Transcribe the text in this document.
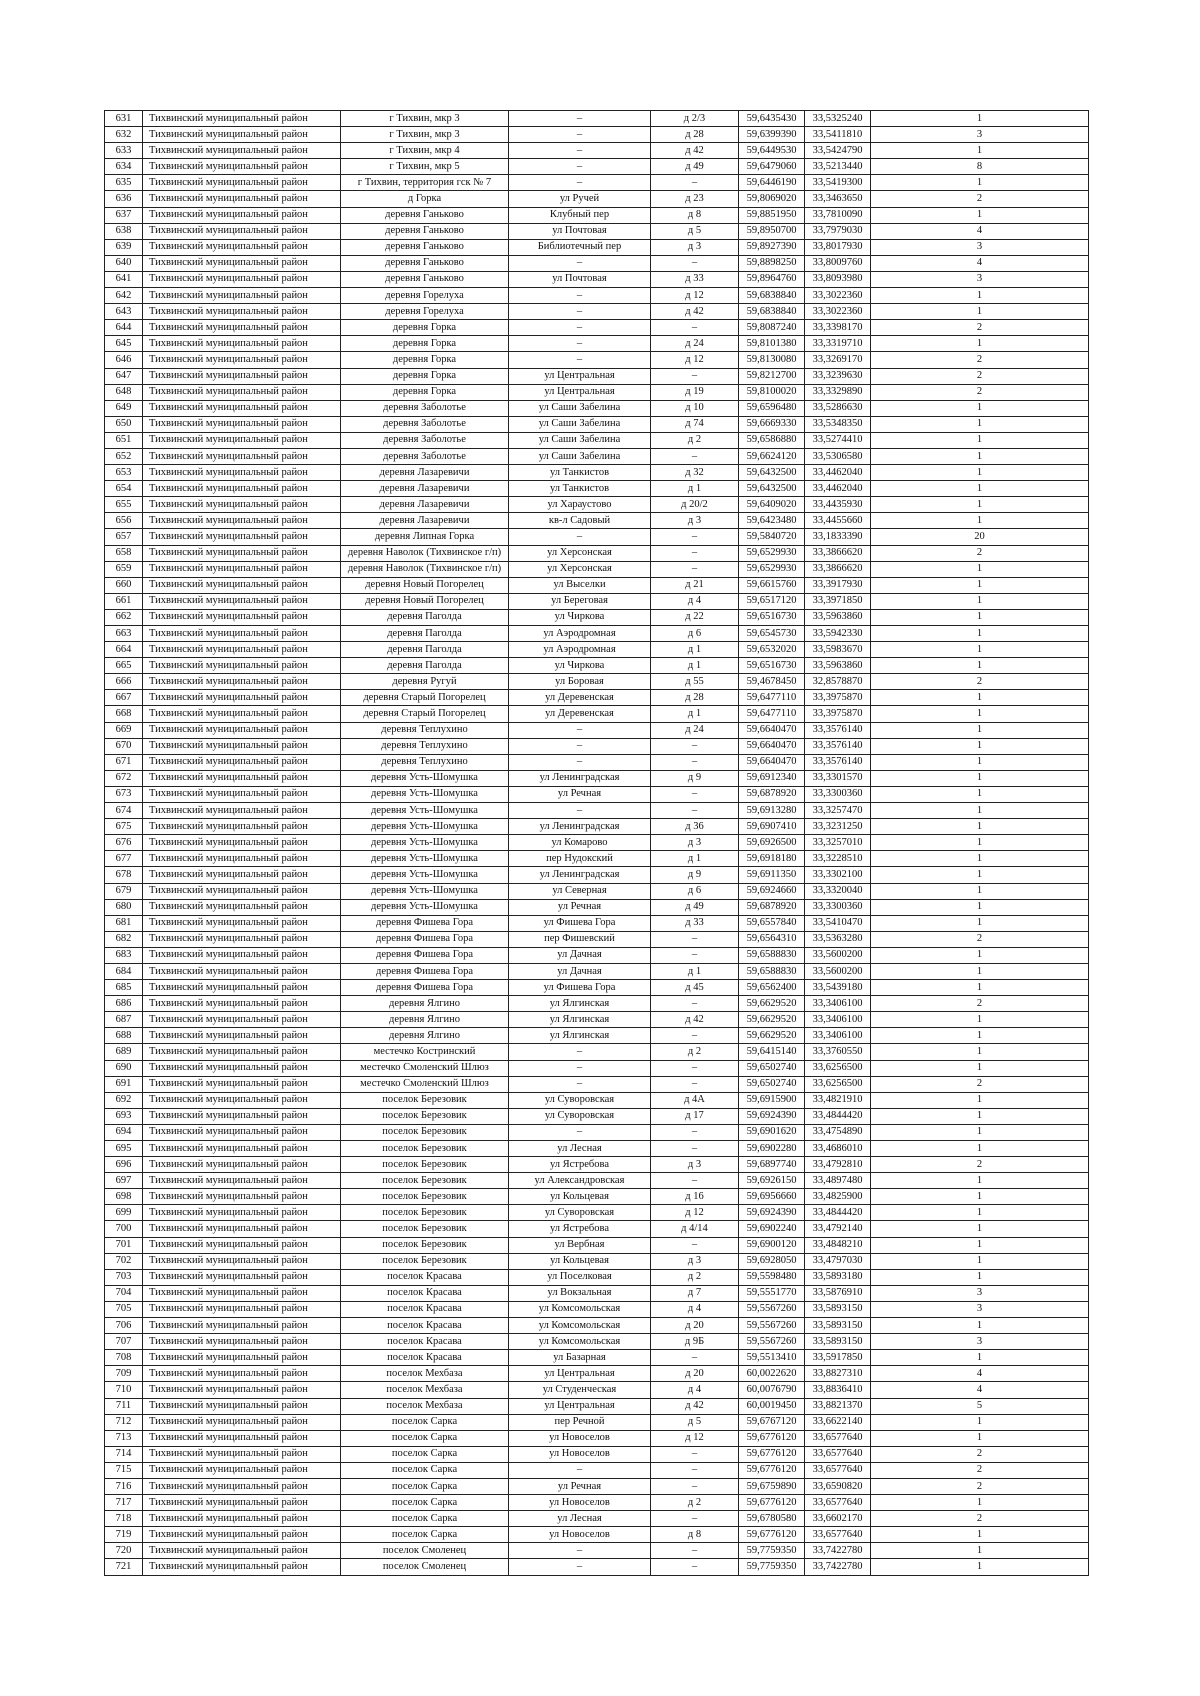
631	Тихвинский муниципальный район	г Тихвин, мкр 3	–	д 2/3	59,6435430	33,5325240	1
632	Тихвинский муниципальный район	г Тихвин, мкр 3	–	д 28	59,6399390	33,5411810	3
633	Тихвинский муниципальный район	г Тихвин, мкр 4	–	д 42	59,6449530	33,5424790	1
634	Тихвинский муниципальный район	г Тихвин, мкр 5	–	д 49	59,6479060	33,5213440	8
635	Тихвинский муниципальный район	г Тихвин, территория гск № 7	–	–	59,6446190	33,5419300	1
636	Тихвинский муниципальный район	д Горка	ул Ручей	д 23	59,8069020	33,3463650	2
637	Тихвинский муниципальный район	деревня Ганьково	Клубный пер	д 8	59,8851950	33,7810090	1
638	Тихвинский муниципальный район	деревня Ганьково	ул Почтовая	д 5	59,8950700	33,7979030	4
639	Тихвинский муниципальный район	деревня Ганьково	Библиотечный пер	д 3	59,8927390	33,8017930	3
640	Тихвинский муниципальный район	деревня Ганьково	–	–	59,8898250	33,8009760	4
641	Тихвинский муниципальный район	деревня Ганьково	ул Почтовая	д 33	59,8964760	33,8093980	3
642	Тихвинский муниципальный район	деревня Горелуха	–	д 12	59,6838840	33,3022360	1
643	Тихвинский муниципальный район	деревня Горелуха	–	д 42	59,6838840	33,3022360	1
644	Тихвинский муниципальный район	деревня Горка	–	–	59,8087240	33,3398170	2
645	Тихвинский муниципальный район	деревня Горка	–	д 24	59,8101380	33,3319710	1
646	Тихвинский муниципальный район	деревня Горка	–	д 12	59,8130080	33,3269170	2
647	Тихвинский муниципальный район	деревня Горка	ул Центральная	–	59,8212700	33,3239630	2
648	Тихвинский муниципальный район	деревня Горка	ул Центральная	д 19	59,8100020	33,3329890	2
649	Тихвинский муниципальный район	деревня Заболотье	ул Саши Забелина	д 10	59,6596480	33,5286630	1
650	Тихвинский муниципальный район	деревня Заболотье	ул Саши Забелина	д 74	59,6669330	33,5348350	1
651	Тихвинский муниципальный район	деревня Заболотье	ул Саши Забелина	д 2	59,6586880	33,5274410	1
652	Тихвинский муниципальный район	деревня Заболотье	ул Саши Забелина	–	59,6624120	33,5306580	1
653	Тихвинский муниципальный район	деревня Лазаревичи	ул Танкистов	д 32	59,6432500	33,4462040	1
654	Тихвинский муниципальный район	деревня Лазаревичи	ул Танкистов	д 1	59,6432500	33,4462040	1
655	Тихвинский муниципальный район	деревня Лазаревичи	ул Хараустово	д 20/2	59,6409020	33,4435930	1
656	Тихвинский муниципальный район	деревня Лазаревичи	кв-л Садовый	д 3	59,6423480	33,4455660	1
657	Тихвинский муниципальный район	деревня Липная Горка	–	–	59,5840720	33,1833390	20
658	Тихвинский муниципальный район	деревня Наволок (Тихвинское г/п)	ул Херсонская	–	59,6529930	33,3866620	2
659	Тихвинский муниципальный район	деревня Наволок (Тихвинское г/п)	ул Херсонская	–	59,6529930	33,3866620	1
660	Тихвинский муниципальный район	деревня Новый Погорелец	ул Выселки	д 21	59,6615760	33,3917930	1
661	Тихвинский муниципальный район	деревня Новый Погорелец	ул Береговая	д 4	59,6517120	33,3971850	1
662	Тихвинский муниципальный район	деревня Паголда	ул Чиркова	д 22	59,6516730	33,5963860	1
663	Тихвинский муниципальный район	деревня Паголда	ул Аэродромная	д 6	59,6545730	33,5942330	1
664	Тихвинский муниципальный район	деревня Паголда	ул Аэродромная	д 1	59,6532020	33,5983670	1
665	Тихвинский муниципальный район	деревня Паголда	ул Чиркова	д 1	59,6516730	33,5963860	1
666	Тихвинский муниципальный район	деревня Ругуй	ул Боровая	д 55	59,4678450	32,8578870	2
667	Тихвинский муниципальный район	деревня Старый Погорелец	ул Деревенская	д 28	59,6477110	33,3975870	1
668	Тихвинский муниципальный район	деревня Старый Погорелец	ул Деревенская	д 1	59,6477110	33,3975870	1
669	Тихвинский муниципальный район	деревня Теплухино	–	д 24	59,6640470	33,3576140	1
670	Тихвинский муниципальный район	деревня Теплухино	–	–	59,6640470	33,3576140	1
671	Тихвинский муниципальный район	деревня Теплухино	–	–	59,6640470	33,3576140	1
672	Тихвинский муниципальный район	деревня Усть-Шомушка	ул Ленинградская	д 9	59,6912340	33,3301570	1
673	Тихвинский муниципальный район	деревня Усть-Шомушка	ул Речная	–	59,6878920	33,3300360	1
674	Тихвинский муниципальный район	деревня Усть-Шомушка	–	–	59,6913280	33,3257470	1
675	Тихвинский муниципальный район	деревня Усть-Шомушка	ул Ленинградская	д 36	59,6907410	33,3231250	1
676	Тихвинский муниципальный район	деревня Усть-Шомушка	ул Комарово	д 3	59,6926500	33,3257010	1
677	Тихвинский муниципальный район	деревня Усть-Шомушка	пер Нудокский	д 1	59,6918180	33,3228510	1
678	Тихвинский муниципальный район	деревня Усть-Шомушка	ул Ленинградская	д 9	59,6911350	33,3302100	1
679	Тихвинский муниципальный район	деревня Усть-Шомушка	ул Северная	д 6	59,6924660	33,3320040	1
680	Тихвинский муниципальный район	деревня Усть-Шомушка	ул Речная	д 49	59,6878920	33,3300360	1
681	Тихвинский муниципальный район	деревня Фишева Гора	ул Фишева Гора	д 33	59,6557840	33,5410470	1
682	Тихвинский муниципальный район	деревня Фишева Гора	пер Фишевский	–	59,6564310	33,5363280	2
683	Тихвинский муниципальный район	деревня Фишева Гора	ул Дачная	–	59,6588830	33,5600200	1
684	Тихвинский муниципальный район	деревня Фишева Гора	ул Дачная	д 1	59,6588830	33,5600200	1
685	Тихвинский муниципальный район	деревня Фишева Гора	ул Фишева Гора	д 45	59,6562400	33,5439180	1
686	Тихвинский муниципальный район	деревня Ялгино	ул Ялгинская	–	59,6629520	33,3406100	2
687	Тихвинский муниципальный район	деревня Ялгино	ул Ялгинская	д 42	59,6629520	33,3406100	1
688	Тихвинский муниципальный район	деревня Ялгино	ул Ялгинская	–	59,6629520	33,3406100	1
689	Тихвинский муниципальный район	местечко Костринский	–	д 2	59,6415140	33,3760550	1
690	Тихвинский муниципальный район	местечко Смоленский Шлюз	–	–	59,6502740	33,6256500	1
691	Тихвинский муниципальный район	местечко Смоленский Шлюз	–	–	59,6502740	33,6256500	2
692	Тихвинский муниципальный район	поселок Березовик	ул Суворовская	д 4А	59,6915900	33,4821910	1
693	Тихвинский муниципальный район	поселок Березовик	ул Суворовская	д 17	59,6924390	33,4844420	1
694	Тихвинский муниципальный район	поселок Березовик	–	–	59,6901620	33,4754890	1
695	Тихвинский муниципальный район	поселок Березовик	ул Лесная	–	59,6902280	33,4686010	1
696	Тихвинский муниципальный район	поселок Березовик	ул Ястребова	д 3	59,6897740	33,4792810	2
697	Тихвинский муниципальный район	поселок Березовик	ул Александровская	–	59,6926150	33,4897480	1
698	Тихвинский муниципальный район	поселок Березовик	ул Кольцевая	д 16	59,6956660	33,4825900	1
699	Тихвинский муниципальный район	поселок Березовик	ул Суворовская	д 12	59,6924390	33,4844420	1
700	Тихвинский муниципальный район	поселок Березовик	ул Ястребова	д 4/14	59,6902240	33,4792140	1
701	Тихвинский муниципальный район	поселок Березовик	ул Вербная	–	59,6900120	33,4848210	1
702	Тихвинский муниципальный район	поселок Березовик	ул Кольцевая	д 3	59,6928050	33,4797030	1
703	Тихвинский муниципальный район	поселок Красава	ул Поселковая	д 2	59,5598480	33,5893180	1
704	Тихвинский муниципальный район	поселок Красава	ул Вокзальная	д 7	59,5551770	33,5876910	3
705	Тихвинский муниципальный район	поселок Красава	ул Комсомольская	д 4	59,5567260	33,5893150	3
706	Тихвинский муниципальный район	поселок Красава	ул Комсомольская	д 20	59,5567260	33,5893150	1
707	Тихвинский муниципальный район	поселок Красава	ул Комсомольская	д 9Б	59,5567260	33,5893150	3
708	Тихвинский муниципальный район	поселок Красава	ул Базарная	–	59,5513410	33,5917850	1
709	Тихвинский муниципальный район	поселок Мехбаза	ул Центральная	д 20	60,0022620	33,8827310	4
710	Тихвинский муниципальный район	поселок Мехбаза	ул Студенческая	д 4	60,0076790	33,8836410	4
711	Тихвинский муниципальный район	поселок Мехбаза	ул Центральная	д 42	60,0019450	33,8821370	5
712	Тихвинский муниципальный район	поселок Сарка	пер Речной	д 5	59,6767120	33,6622140	1
713	Тихвинский муниципальный район	поселок Сарка	ул Новоселов	д 12	59,6776120	33,6577640	1
714	Тихвинский муниципальный район	поселок Сарка	ул Новоселов	–	59,6776120	33,6577640	2
715	Тихвинский муниципальный район	поселок Сарка	–	–	59,6776120	33,6577640	2
716	Тихвинский муниципальный район	поселок Сарка	ул Речная	–	59,6759890	33,6590820	2
717	Тихвинский муниципальный район	поселок Сарка	ул Новоселов	д 2	59,6776120	33,6577640	1
718	Тихвинский муниципальный район	поселок Сарка	ул Лесная	–	59,6780580	33,6602170	2
719	Тихвинский муниципальный район	поселок Сарка	ул Новоселов	д 8	59,6776120	33,6577640	1
720	Тихвинский муниципальный район	поселок Смоленец	–	–	59,7759350	33,7422780	1
721	Тихвинский муниципальный район	поселок Смоленец	–	–	59,7759350	33,7422780	1
